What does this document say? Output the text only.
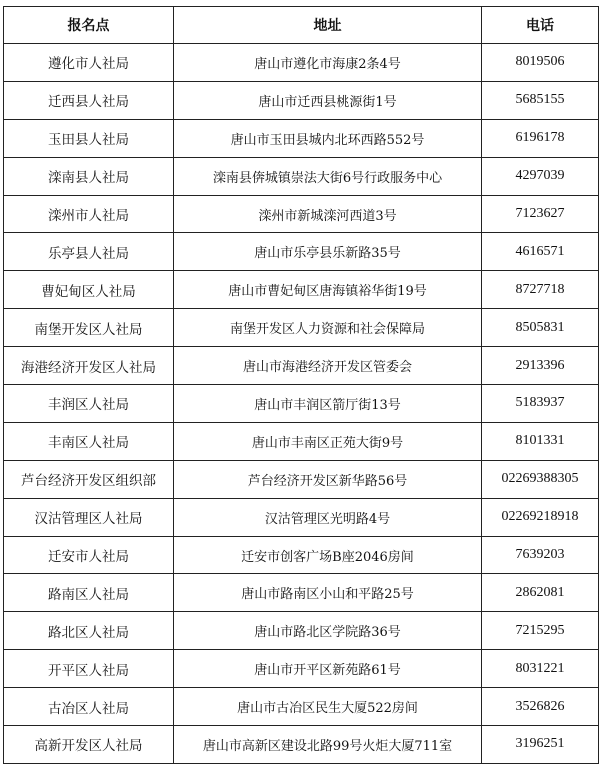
报名点	地址	电话
遵化市人社局	唐山市遵化市海康2条4号	8019506
迁西县人社局	唐山市迁西县桃源街1号	5685155
玉田县人社局	唐山市玉田县城内北环西路552号	6196178
滦南县人社局	滦南县倴城镇崇法大街6号行政服务中心	4297039
滦州市人社局	滦州市新城滦河西道3号	7123627
乐亭县人社局	唐山市乐亭县乐新路35号	4616571
曹妃甸区人社局	唐山市曹妃甸区唐海镇裕华街19号	8727718
南堡开发区人社局	南堡开发区人力资源和社会保障局	8505831
海港经济开发区人社局	唐山市海港经济开发区管委会	2913396
丰润区人社局	唐山市丰润区箭厅街13号	5183937
丰南区人社局	唐山市丰南区正苑大街9号	8101331
芦台经济开发区组织部	芦台经济开发区新华路56号	02269388305
汉沽管理区人社局	汉沽管理区光明路4号	02269218918
迁安市人社局	迁安市创客广场B座2046房间	7639203
路南区人社局	唐山市路南区小山和平路25号	2862081
路北区人社局	唐山市路北区学院路36号	7215295
开平区人社局	唐山市开平区新苑路61号	8031221
古冶区人社局	唐山市古冶区民生大厦522房间	3526826
高新开发区人社局	唐山市高新区建设北路99号火炬大厦711室	3196251
